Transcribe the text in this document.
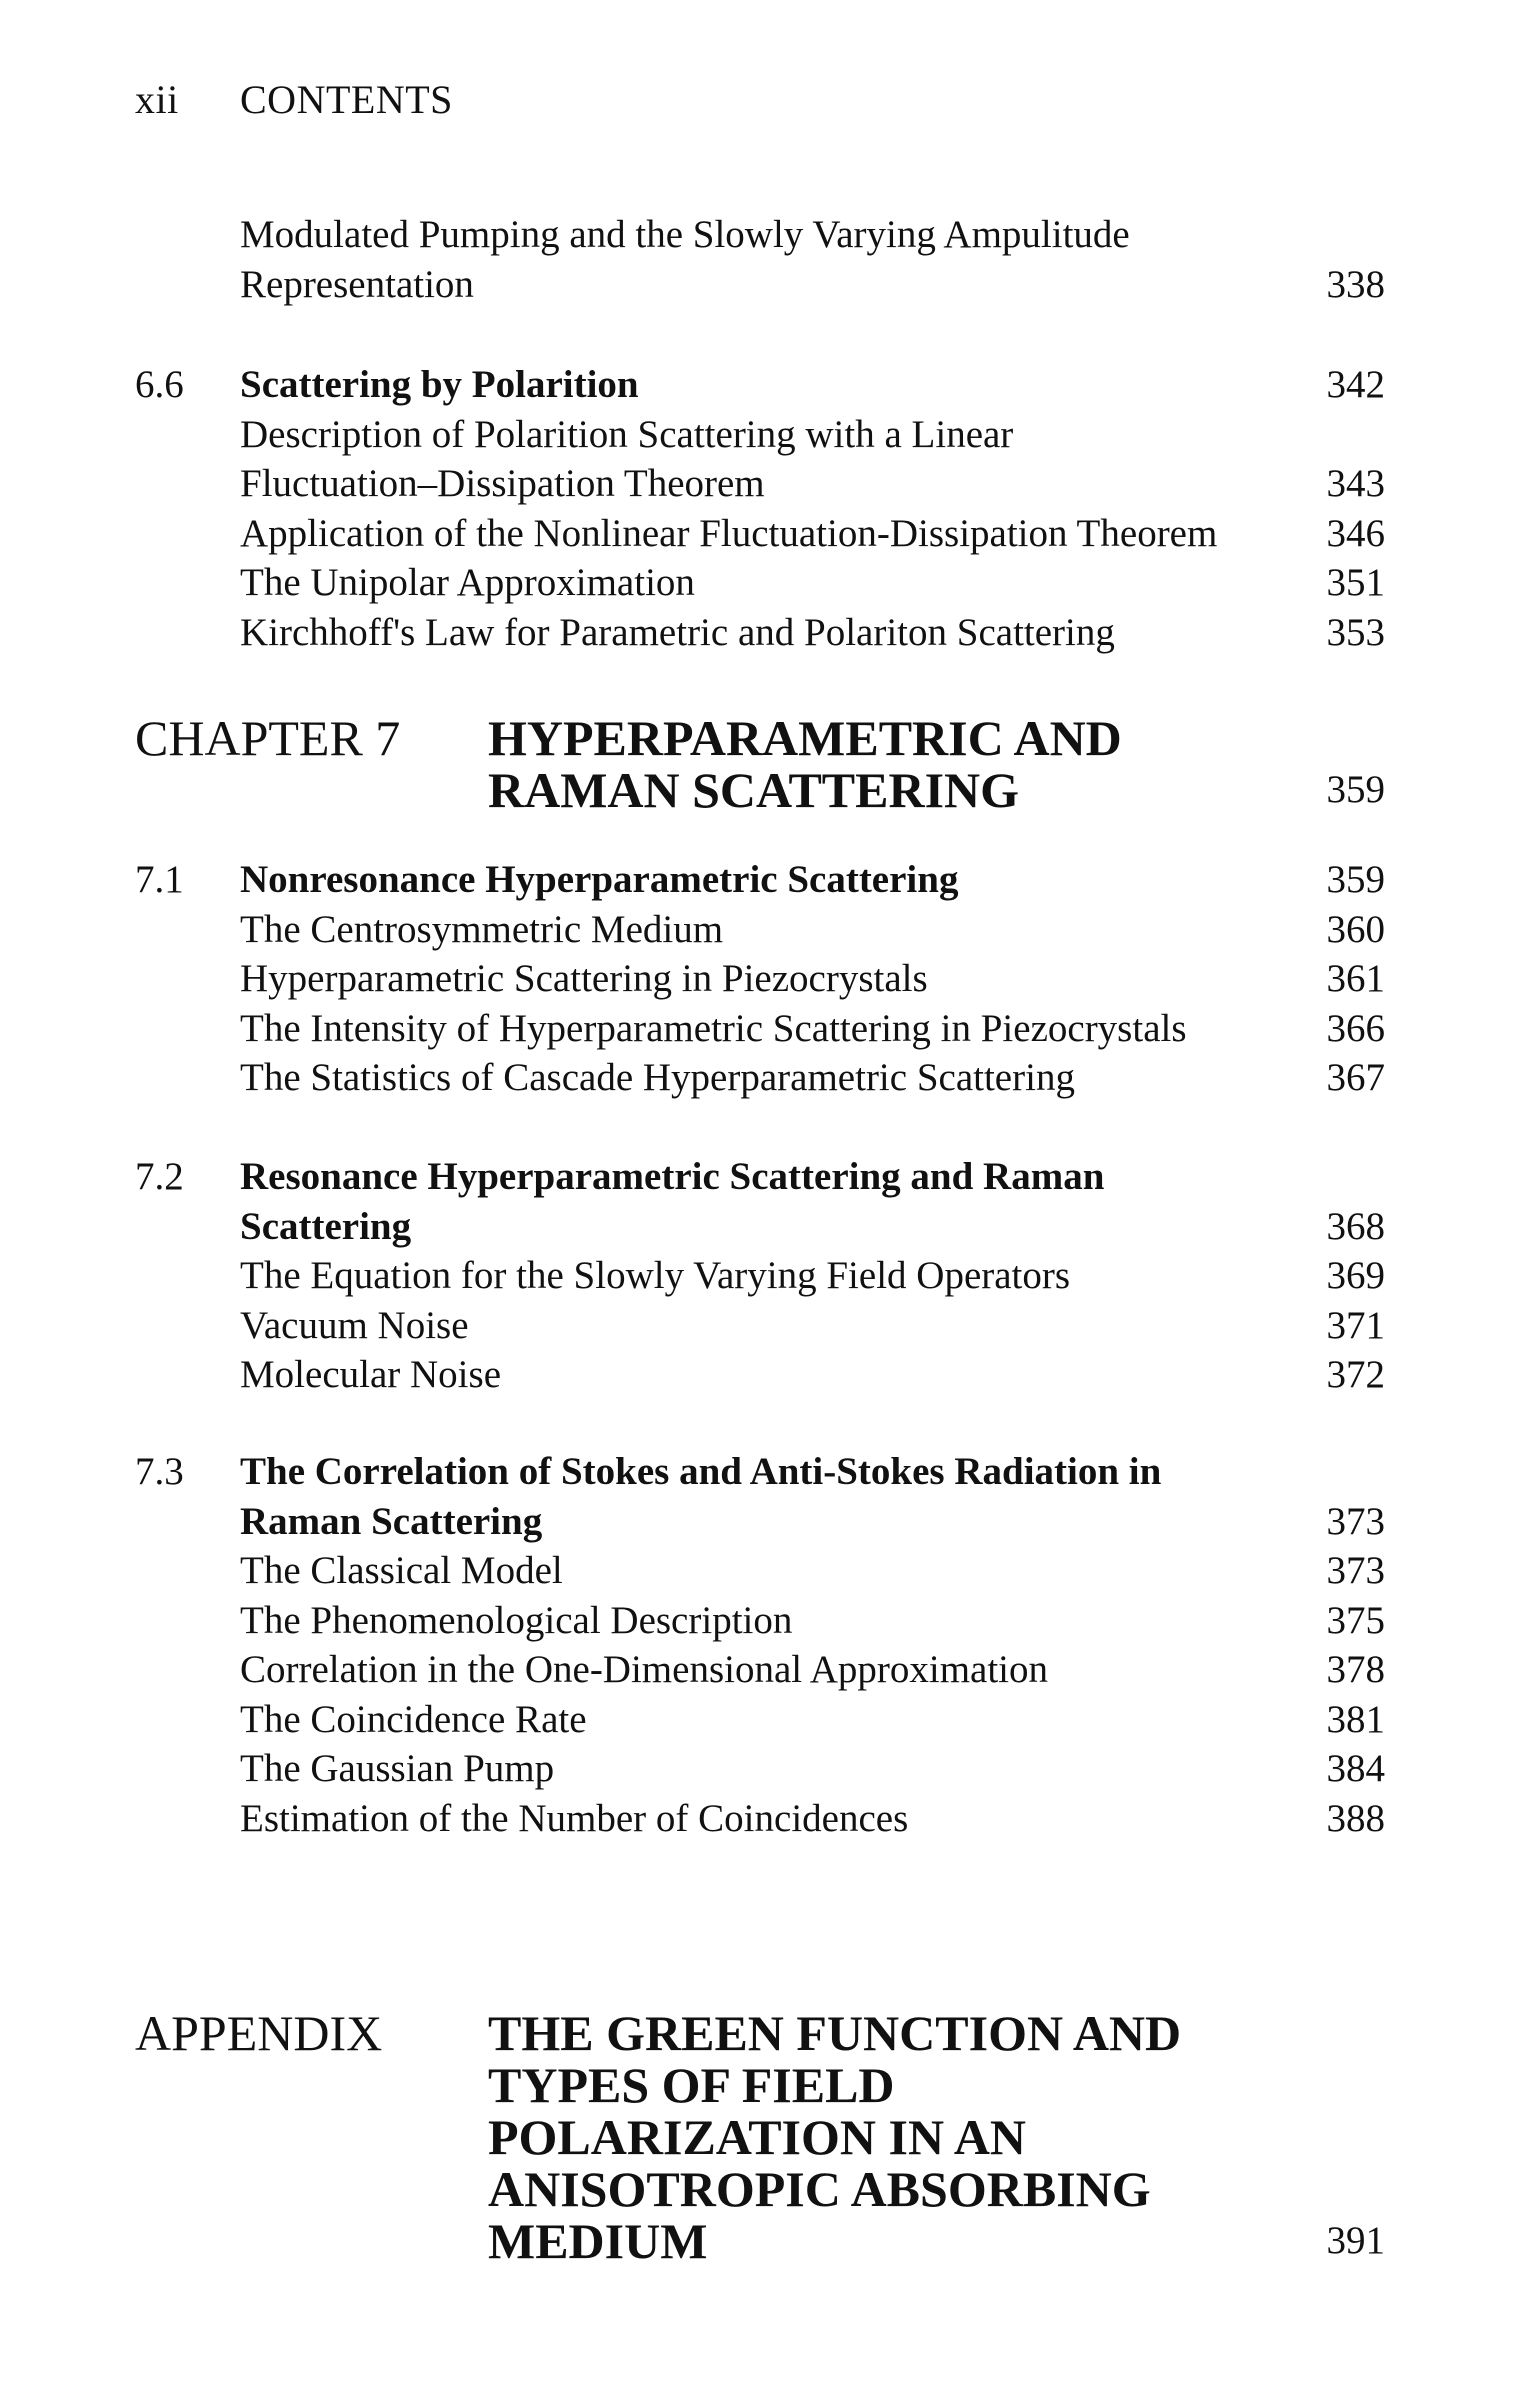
xii CONTENTS
Modulated Pumping and the Slowly Varying Ampulitude
Representation	338
6.6 Scattering by Polarition	342
Description of Polarition Scattering with a Linear
Fluctuation–Dissipation Theorem	343
Application of the Nonlinear Fluctuation-Dissipation Theorem	346
The Unipolar Approximation	351
Kirchhoff's Law for Parametric and Polariton Scattering	353
CHAPTER 7 HYPERPARAMETRIC AND
RAMAN SCATTERING	359
7.1 Nonresonance Hyperparametric Scattering	359
The Centrosymmetric Medium	360
Hyperparametric Scattering in Piezocrystals	361
The Intensity of Hyperparametric Scattering in Piezocrystals	366
The Statistics of Cascade Hyperparametric Scattering	367
7.2 Resonance Hyperparametric Scattering and Raman
Scattering	368
The Equation for the Slowly Varying Field Operators	369
Vacuum Noise	371
Molecular Noise	372
7.3 The Correlation of Stokes and Anti-Stokes Radiation in
Raman Scattering	373
The Classical Model	373
The Phenomenological Description	375
Correlation in the One-Dimensional Approximation	378
The Coincidence Rate	381
The Gaussian Pump	384
Estimation of the Number of Coincidences	388
APPENDIX THE GREEN FUNCTION AND
TYPES OF FIELD
POLARIZATION IN AN
ANISOTROPIC ABSORBING
MEDIUM	391
